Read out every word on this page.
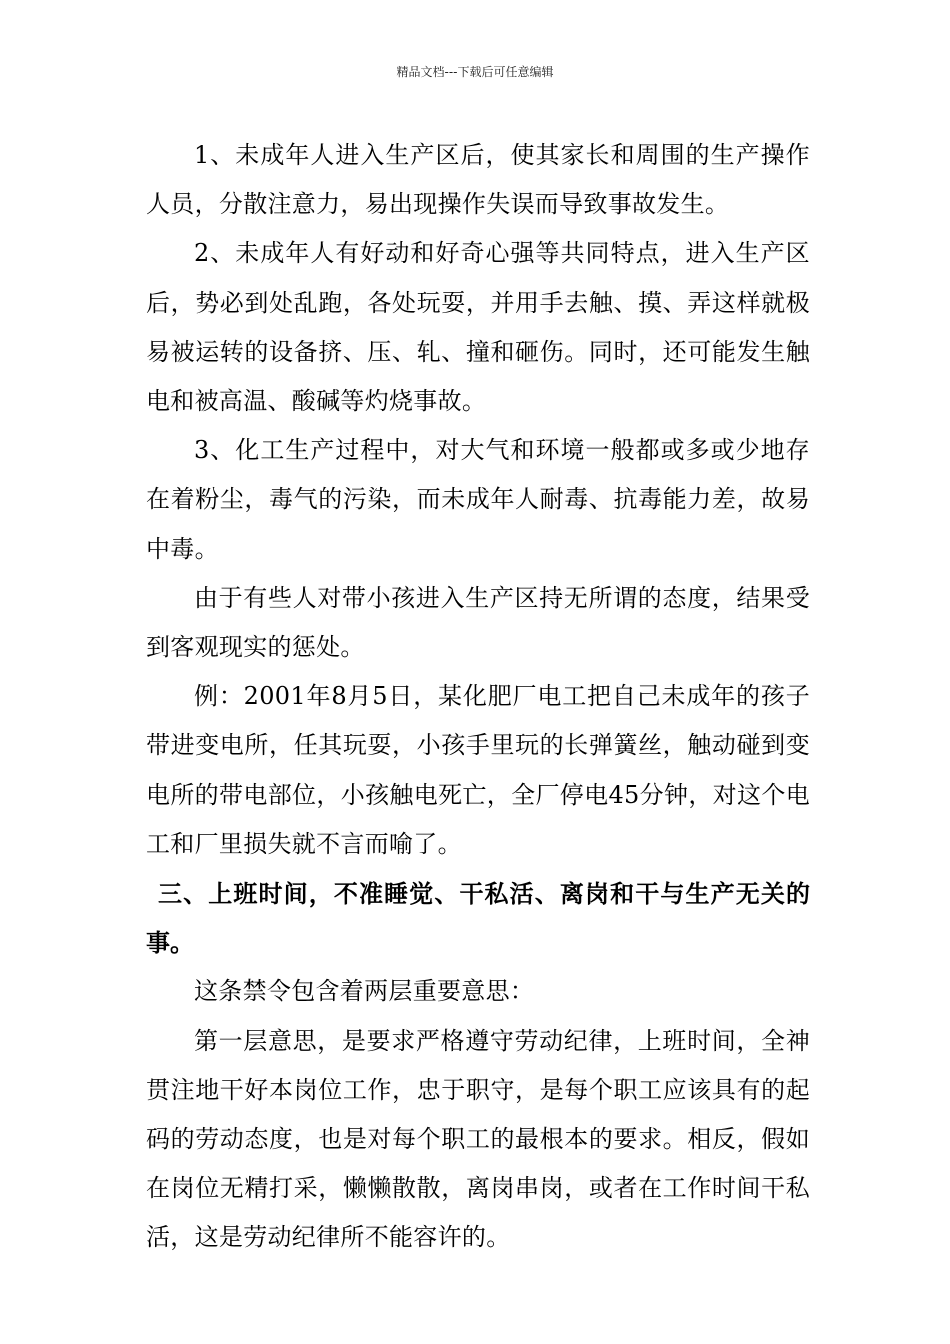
精品文档---下载后可任意编辑

1、未成年人进入生产区后，使其家长和周围的生产操作人员，分散注意力，易出现操作失误而导致事故发生。

2、未成年人有好动和好奇心强等共同特点，进入生产区后，势必到处乱跑，各处玩耍，并用手去触、摸、弄这样就极易被运转的设备挤、压、轧、撞和砸伤。同时，还可能发生触电和被高温、酸碱等灼烧事故。

3、化工生产过程中，对大气和环境一般都或多或少地存在着粉尘，毒气的污染，而未成年人耐毒、抗毒能力差，故易中毒。

由于有些人对带小孩进入生产区持无所谓的态度，结果受到客观现实的惩处。

例：2001年8月5日，某化肥厂电工把自己未成年的孩子带进变电所，任其玩耍，小孩手里玩的长弹簧丝，触动碰到变电所的带电部位，小孩触电死亡，全厂停电45分钟，对这个电工和厂里损失就不言而喻了。

三、上班时间，不准睡觉、干私活、离岗和干与生产无关的事。

这条禁令包含着两层重要意思：

第一层意思，是要求严格遵守劳动纪律，上班时间，全神贯注地干好本岗位工作，忠于职守，是每个职工应该具有的起码的劳动态度，也是对每个职工的最根本的要求。相反，假如在岗位无精打采，懒懒散散，离岗串岗，或者在工作时间干私活，这是劳动纪律所不能容许的。
